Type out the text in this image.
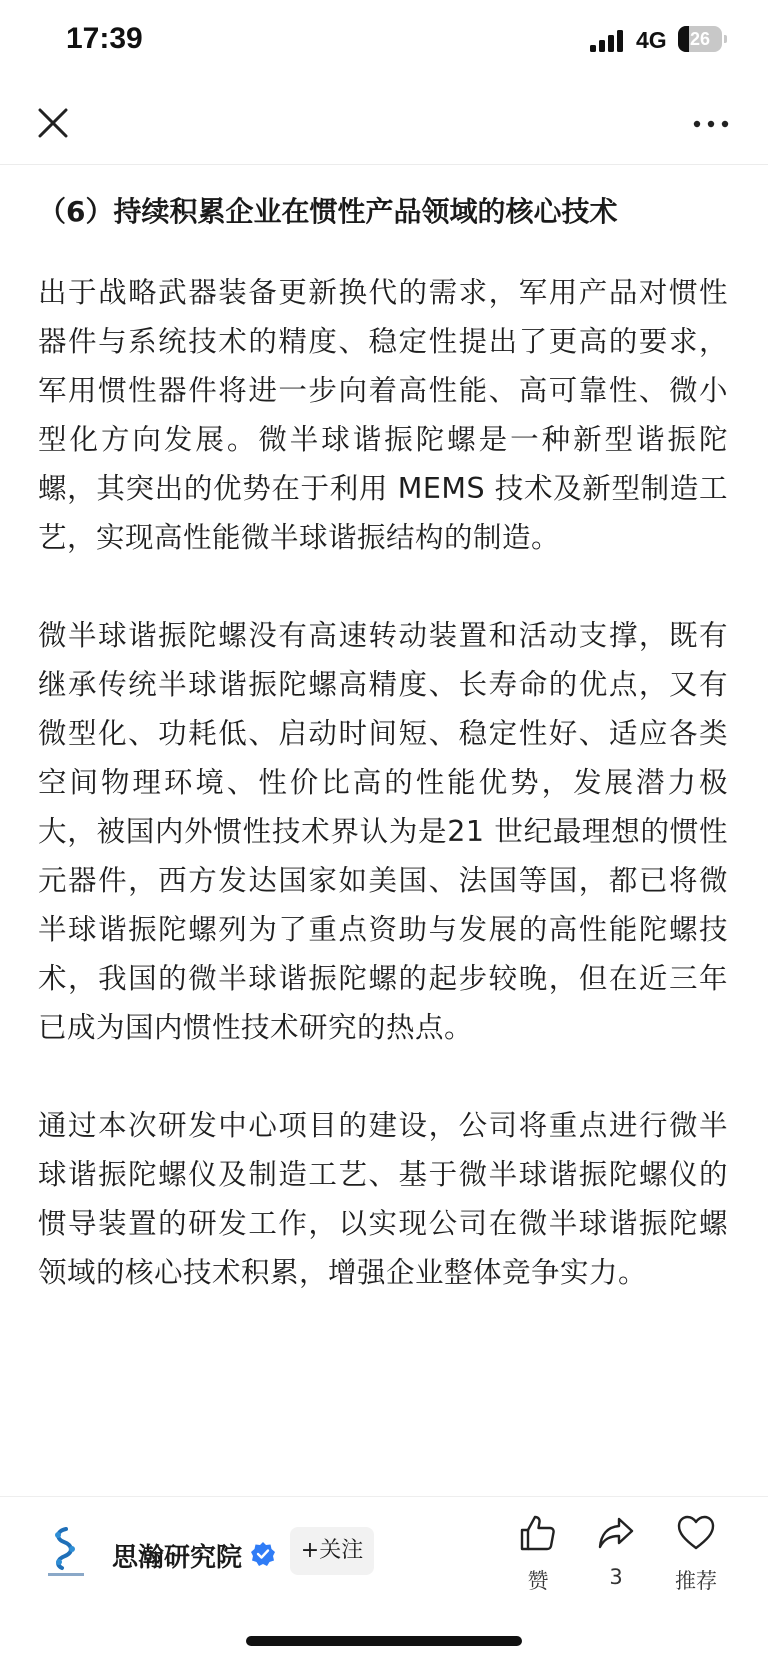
17:39	4G	26
（6）持续积累企业在惯性产品领域的核心技术

出于战略武器装备更新换代的需求，军用产品对惯性器件与系统技术的精度、稳定性提出了更高的要求，军用惯性器件将进一步向着高性能、高可靠性、微小型化方向发展。微半球谐振陀螺是一种新型谐振陀螺，其突出的优势在于利用 MEMS 技术及新型制造工艺，实现高性能微半球谐振结构的制造。

微半球谐振陀螺没有高速转动装置和活动支撑，既有继承传统半球谐振陀螺高精度、长寿命的优点，又有微型化、功耗低、启动时间短、稳定性好、适应各类空间物理环境、性价比高的性能优势，发展潜力极大，被国内外惯性技术界认为是21 世纪最理想的惯性元器件，西方发达国家如美国、法国等国，都已将微半球谐振陀螺列为了重点资助与发展的高性能陀螺技术，我国的微半球谐振陀螺的起步较晚，但在近三年已成为国内惯性技术研究的热点。

通过本次研发中心项目的建设，公司将重点进行微半球谐振陀螺仪及制造工艺、基于微半球谐振陀螺仪的惯导装置的研发工作，以实现公司在微半球谐振陀螺领域的核心技术积累，增强企业整体竞争实力。

思瀚研究院	+关注
赞	3	推荐
